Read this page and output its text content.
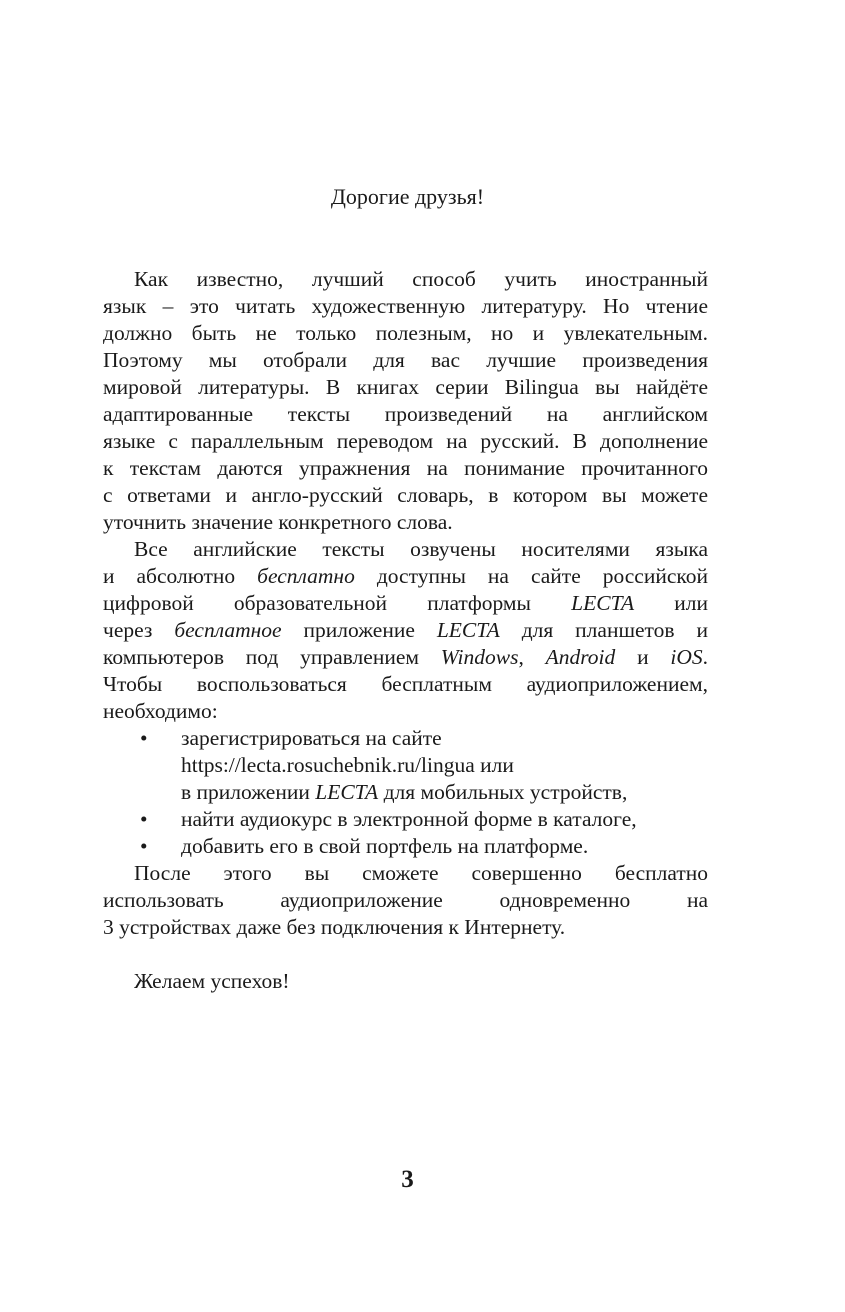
Дорогие друзья!
Как известно, лучший способ учить иностранный
язык – это читать художественную литературу. Но чтение
должно быть не только полезным, но и увлекательным.
Поэтому мы отобрали для вас лучшие произведения
мировой литературы. В книгах серии Bilingua вы найдёте
адаптированные тексты произведений на английском
языке с параллельным переводом на русский. В дополнение
к текстам даются упражнения на понимание прочитанного
с ответами и англо-русский словарь, в котором вы можете
уточнить значение конкретного слова.
Все английские тексты озвучены носителями языка
и абсолютно бесплатно доступны на сайте российской
цифровой образовательной платформы LECTA или
через бесплатное приложение LECTA для планшетов и
компьютеров под управлением Windows, Android и iOS.
Чтобы воспользоваться бесплатным аудиоприложением,
необходимо:
• зарегистрироваться на сайте
https://lecta.rosuchebnik.ru/lingua или
в приложении LECTA для мобильных устройств,
• найти аудиокурс в электронной форме в каталоге,
• добавить его в свой портфель на платформе.
После этого вы сможете совершенно бесплатно
использовать аудиоприложение одновременно на
3 устройствах даже без подключения к Интернету.
Желаем успехов!
3
